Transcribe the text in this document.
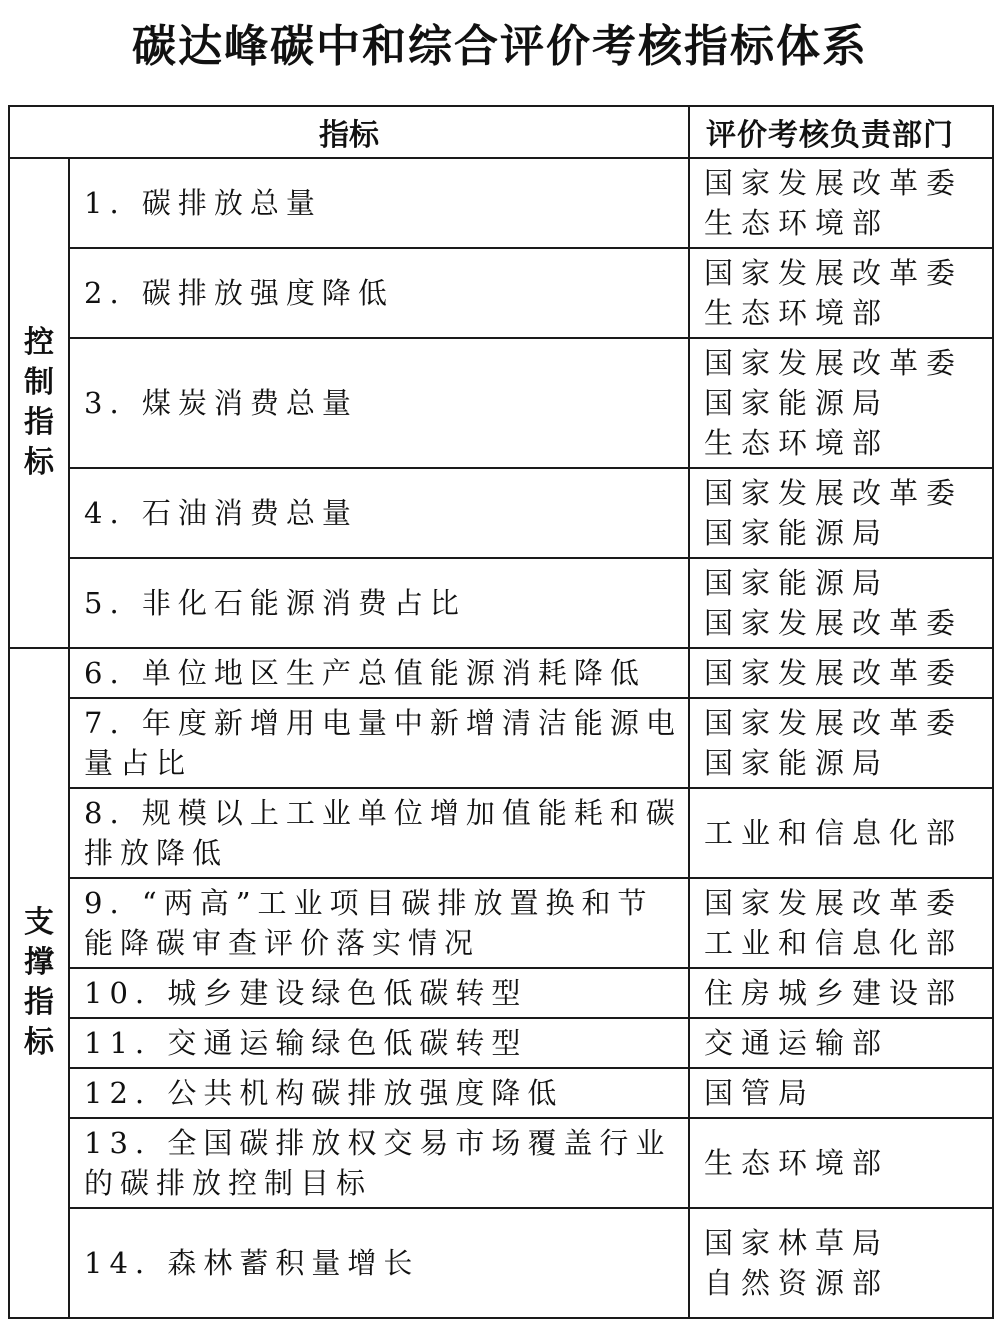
碳达峰碳中和综合评价考核指标体系
指标		评价考核负责部门
控
制
指
标	1. 碳排放总量	国家发展改革委
生态环境部

	2. 碳排放强度降低	国家发展改革委
生态环境部

	3. 煤炭消费总量	国家发展改革委
国家能源局
生态环境部

	4. 石油消费总量	国家发展改革委
国家能源局

	5. 非化石能源消费占比	国家能源局
国家发展改革委

支
撑
指
标	6. 单位地区生产总值能源消耗降低	国家发展改革委

	7. 年度新增用电量中新增清洁能源电量占比	国家发展改革委
国家能源局

	8. 规模以上工业单位增加值能耗和碳排放降低	工业和信息化部

	9. “两高”工业项目碳排放置换和节能降碳审查评价落实情况	国家发展改革委
工业和信息化部

	10. 城乡建设绿色低碳转型	住房城乡建设部

	11. 交通运输绿色低碳转型	交通运输部

	12. 公共机构碳排放强度降低	国管局

	13. 全国碳排放权交易市场覆盖行业的碳排放控制目标	生态环境部

	14. 森林蓄积量增长	国家林草局
自然资源部
